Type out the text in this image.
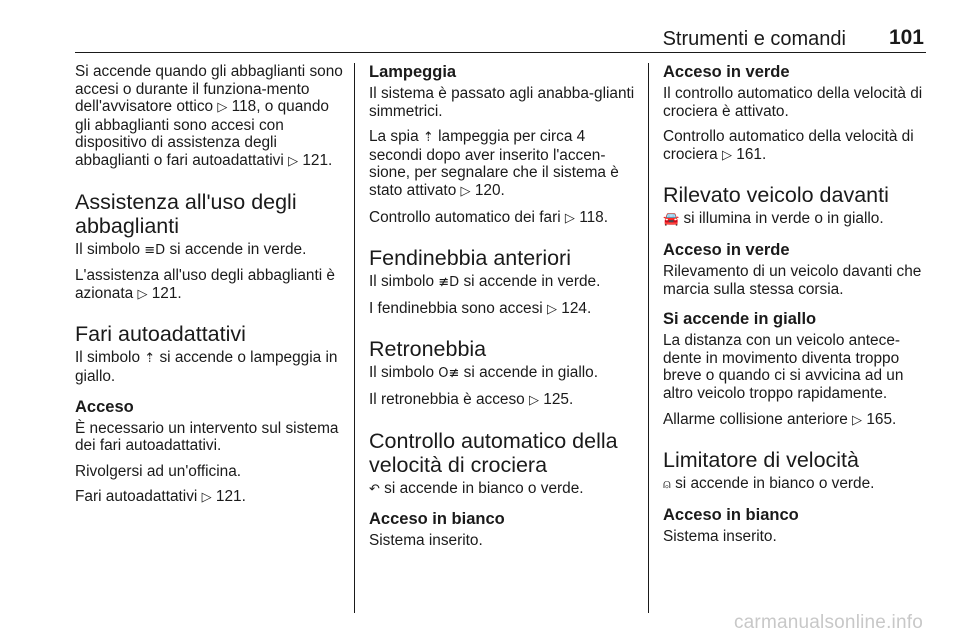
Strumenti e comandi 101

Si accende quando gli abbaglianti sono accesi o durante il funziona-mento dell'avvisatore ottico ▷ 118, o quando gli abbaglianti sono accesi con dispositivo di assistenza degli abbaglianti o fari autoadattativi ▷ 121.

Assistenza all'uso degli abbaglianti

Il simbolo ≡D si accende in verde.

L'assistenza all'uso degli abbaglianti è azionata ▷ 121.

Fari autoadattativi

Il simbolo ⇡ si accende o lampeggia in giallo.

Acceso

È necessario un intervento sul sistema dei fari autoadattativi.

Rivolgersi ad un'officina.

Fari autoadattativi ▷ 121.

Lampeggia

Il sistema è passato agli anabba-glianti simmetrici.

La spia ⇡ lampeggia per circa 4 secondi dopo aver inserito l'accen-sione, per segnalare che il sistema è stato attivato ▷ 120.

Controllo automatico dei fari ▷ 118.

Fendinebbia anteriori

Il simbolo ≢D si accende in verde.

I fendinebbia sono accesi ▷ 124.

Retronebbia

Il simbolo O≢ si accende in giallo.

Il retronebbia è acceso ▷ 125.

Controllo automatico della velocità di crociera

↶ si accende in bianco o verde.

Acceso in bianco

Sistema inserito.

Acceso in verde

Il controllo automatico della velocità di crociera è attivato.

Controllo automatico della velocità di crociera ▷ 161.

Rilevato veicolo davanti

🚘 si illumina in verde o in giallo.

Acceso in verde

Rilevamento di un veicolo davanti che marcia sulla stessa corsia.

Si accende in giallo

La distanza con un veicolo antece-dente in movimento diventa troppo breve o quando ci si avvicina ad un altro veicolo troppo rapidamente.

Allarme collisione anteriore ▷ 165.

Limitatore di velocità

⍝ si accende in bianco o verde.

Acceso in bianco

Sistema inserito.

carmanualsonline.info
